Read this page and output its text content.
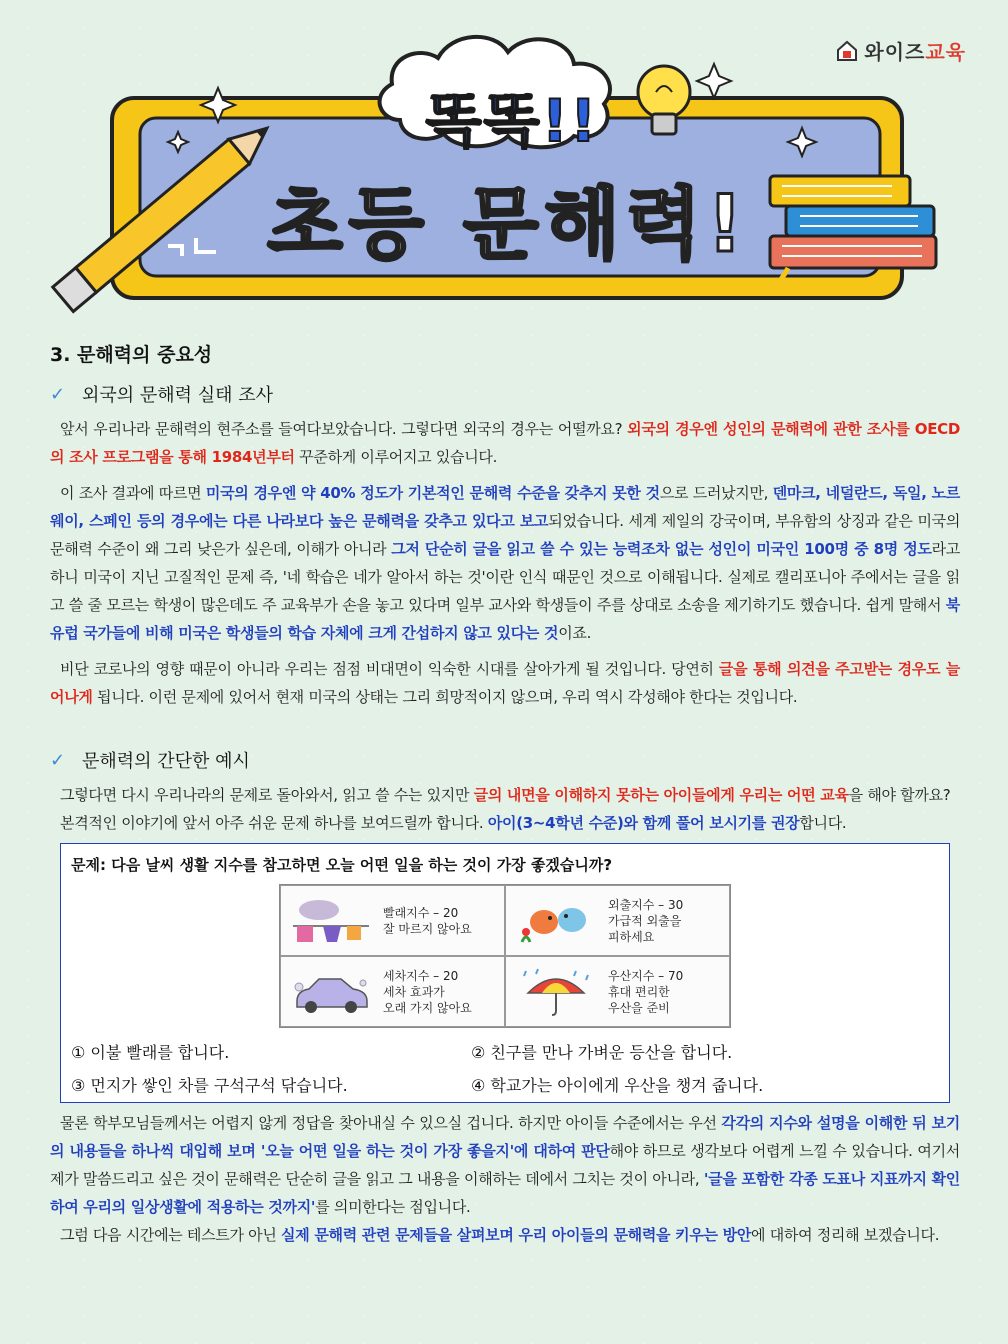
와이즈교육
똑똑!!
초등 문해력!
3. 문해력의 중요성
✓ 외국의 문해력 실태 조사

앞서 우리나라 문해력의 현주소를 들여다보았습니다. 그렇다면 외국의 경우는 어떨까요? 외국의 경우엔 성인의 문해력에 관한 조사를 OECD의 조사 프로그램을 통해 1984년부터 꾸준하게 이루어지고 있습니다.

이 조사 결과에 따르면 미국의 경우엔 약 40% 정도가 기본적인 문해력 수준을 갖추지 못한 것으로 드러났지만, 덴마크, 네덜란드, 독일, 노르웨이, 스페인 등의 경우에는 다른 나라보다 높은 문해력을 갖추고 있다고 보고되었습니다. 세계 제일의 강국이며, 부유함의 상징과 같은 미국의 문해력 수준이 왜 그리 낮은가 싶은데, 이해가 아니라 그저 단순히 글을 읽고 쓸 수 있는 능력조차 없는 성인이 미국인 100명 중 8명 정도라고 하니 미국이 지닌 고질적인 문제 즉, '네 학습은 네가 알아서 하는 것'이란 인식 때문인 것으로 이해됩니다. 실제로 캘리포니아 주에서는 글을 읽고 쓸 줄 모르는 학생이 많은데도 주 교육부가 손을 놓고 있다며 일부 교사와 학생들이 주를 상대로 소송을 제기하기도 했습니다. 쉽게 말해서 북유럽 국가들에 비해 미국은 학생들의 학습 자체에 크게 간섭하지 않고 있다는 것이죠.

비단 코로나의 영향 때문이 아니라 우리는 점점 비대면이 익숙한 시대를 살아가게 될 것입니다. 당연히 글을 통해 의견을 주고받는 경우도 늘어나게 됩니다. 이런 문제에 있어서 현재 미국의 상태는 그리 희망적이지 않으며, 우리 역시 각성해야 한다는 것입니다.

✓ 문해력의 간단한 예시

그렇다면 다시 우리나라의 문제로 돌아와서, 읽고 쓸 수는 있지만 글의 내면을 이해하지 못하는 아이들에게 우리는 어떤 교육을 해야 할까요?

본격적인 이야기에 앞서 아주 쉬운 문제 하나를 보여드릴까 합니다. 아이(3~4학년 수준)와 함께 풀어 보시기를 권장합니다.

문제: 다음 날씨 생활 지수를 참고하면 오늘 어떤 일을 하는 것이 가장 좋겠습니까?
빨래지수 – 20
잘 마르지 않아요
외출지수 – 30
가급적 외출을
피하세요
세차지수 – 20
세차 효과가
오래 가지 않아요
우산지수 – 70
휴대 편리한
우산을 준비
① 이불 빨래를 합니다.	② 친구를 만나 가벼운 등산을 합니다.
③ 먼지가 쌓인 차를 구석구석 닦습니다.	④ 학교가는 아이에게 우산을 챙겨 줍니다.

물론 학부모님들께서는 어렵지 않게 정답을 찾아내실 수 있으실 겁니다. 하지만 아이들 수준에서는 우선 각각의 지수와 설명을 이해한 뒤 보기의 내용들을 하나씩 대입해 보며 '오늘 어떤 일을 하는 것이 가장 좋을지'에 대하여 판단해야 하므로 생각보다 어렵게 느낄 수 있습니다. 여기서 제가 말씀드리고 싶은 것이 문해력은 단순히 글을 읽고 그 내용을 이해하는 데에서 그치는 것이 아니라, '글을 포함한 각종 도표나 지표까지 확인하여 우리의 일상생활에 적용하는 것까지'를 의미한다는 점입니다.

그럼 다음 시간에는 테스트가 아닌 실제 문해력 관련 문제들을 살펴보며 우리 아이들의 문해력을 키우는 방안에 대하여 정리해 보겠습니다.
